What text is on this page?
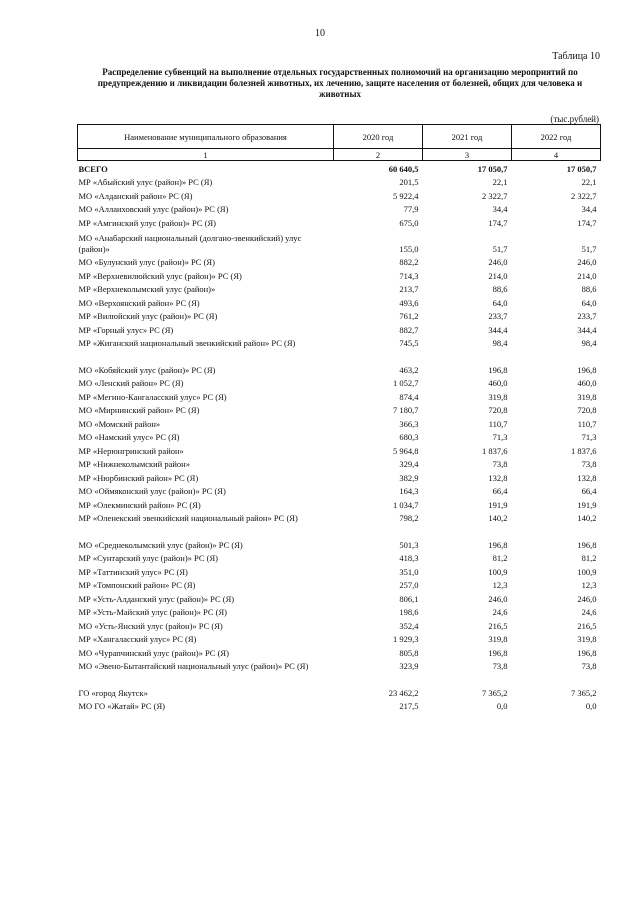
10
Таблица 10
Распределение субвенций на выполнение отдельных государственных полномочий на организацию мероприятий по предупреждению и ликвидации болезней животных, их лечению, защите населения от болезней, общих для человека и животных
(тыс.рублей)
Наименование муниципального образования	2020 год	2021 год	2022 год
1	2	3	4
ВСЕГО	60 640,5	17 050,7	17 050,7
МР «Абыйский улус (район)» РС (Я)	201,5	22,1	22,1
МО «Алданский район» РС (Я)	5 922,4	2 322,7	2 322,7
МО «Аллаиховский улус (район)» РС (Я)	77,9	34,4	34,4
МР «Амгинский улус (район)» РС (Я)	675,0	174,7	174,7
МО «Анабарский национальный (долгано-эвенкийский) улус (район)»	155,0	51,7	51,7
МО «Булунский улус (район)» РС (Я)	882,2	246,0	246,0
МР «Верхневилюйский улус (район)» РС (Я)	714,3	214,0	214,0
МР «Верхнеколымский улус (район)»	213,7	88,6	88,6
МО «Верхоянский район» РС (Я)	493,6	64,0	64,0
МР «Вилюйский улус (район)» РС (Я)	761,2	233,7	233,7
МР «Горный улус» РС (Я)	882,7	344,4	344,4
МР «Жиганский национальный эвенкийский район» РС (Я)	745,5	98,4	98,4
МО «Кобяйский улус (район)» РС (Я)	463,2	196,8	196,8
МО «Ленский район» РС (Я)	1 052,7	460,0	460,0
МР «Мегино-Кангаласский улус» РС (Я)	874,4	319,8	319,8
МО «Мирнинский район» РС (Я)	7 180,7	720,8	720,8
МО «Момский район»	366,3	110,7	110,7
МО «Намский улус» РС (Я)	680,3	71,3	71,3
МР «Нерюнгринский район»	5 964,8	1 837,6	1 837,6
МР «Нижнеколымский район»	329,4	73,8	73,8
МР «Нюрбинский район» РС (Я)	382,9	132,8	132,8
МО «Оймяконский улус (район)» РС (Я)	164,3	66,4	66,4
МР «Олекминский район» РС (Я)	1 034,7	191,9	191,9
МР «Оленекский эвенкийский национальный район» РС (Я)	798,2	140,2	140,2
МО «Среднеколымский улус (район)» РС (Я)	501,3	196,8	196,8
МР «Сунтарский улус (район)» РС (Я)	418,3	81,2	81,2
МР «Таттинский улус» РС (Я)	351,0	100,9	100,9
МР «Томпонский район» РС (Я)	257,0	12,3	12,3
МР «Усть-Алданский улус (район)» РС (Я)	806,1	246,0	246,0
МР «Усть-Майский улус (район)» РС (Я)	198,6	24,6	24,6
МО «Усть-Янский улус (район)» РС (Я)	352,4	216,5	216,5
МР «Хангаласский улус» РС (Я)	1 929,3	319,8	319,8
МО «Чурапчинский улус (район)» РС (Я)	805,8	196,8	196,8
МО «Эвено-Бытантайский национальный улус (район)» РС (Я)	323,9	73,8	73,8
ГО «город Якутск»	23 462,2	7 365,2	7 365,2
МО ГО «Жатай» РС (Я)	217,5	0,0	0,0
